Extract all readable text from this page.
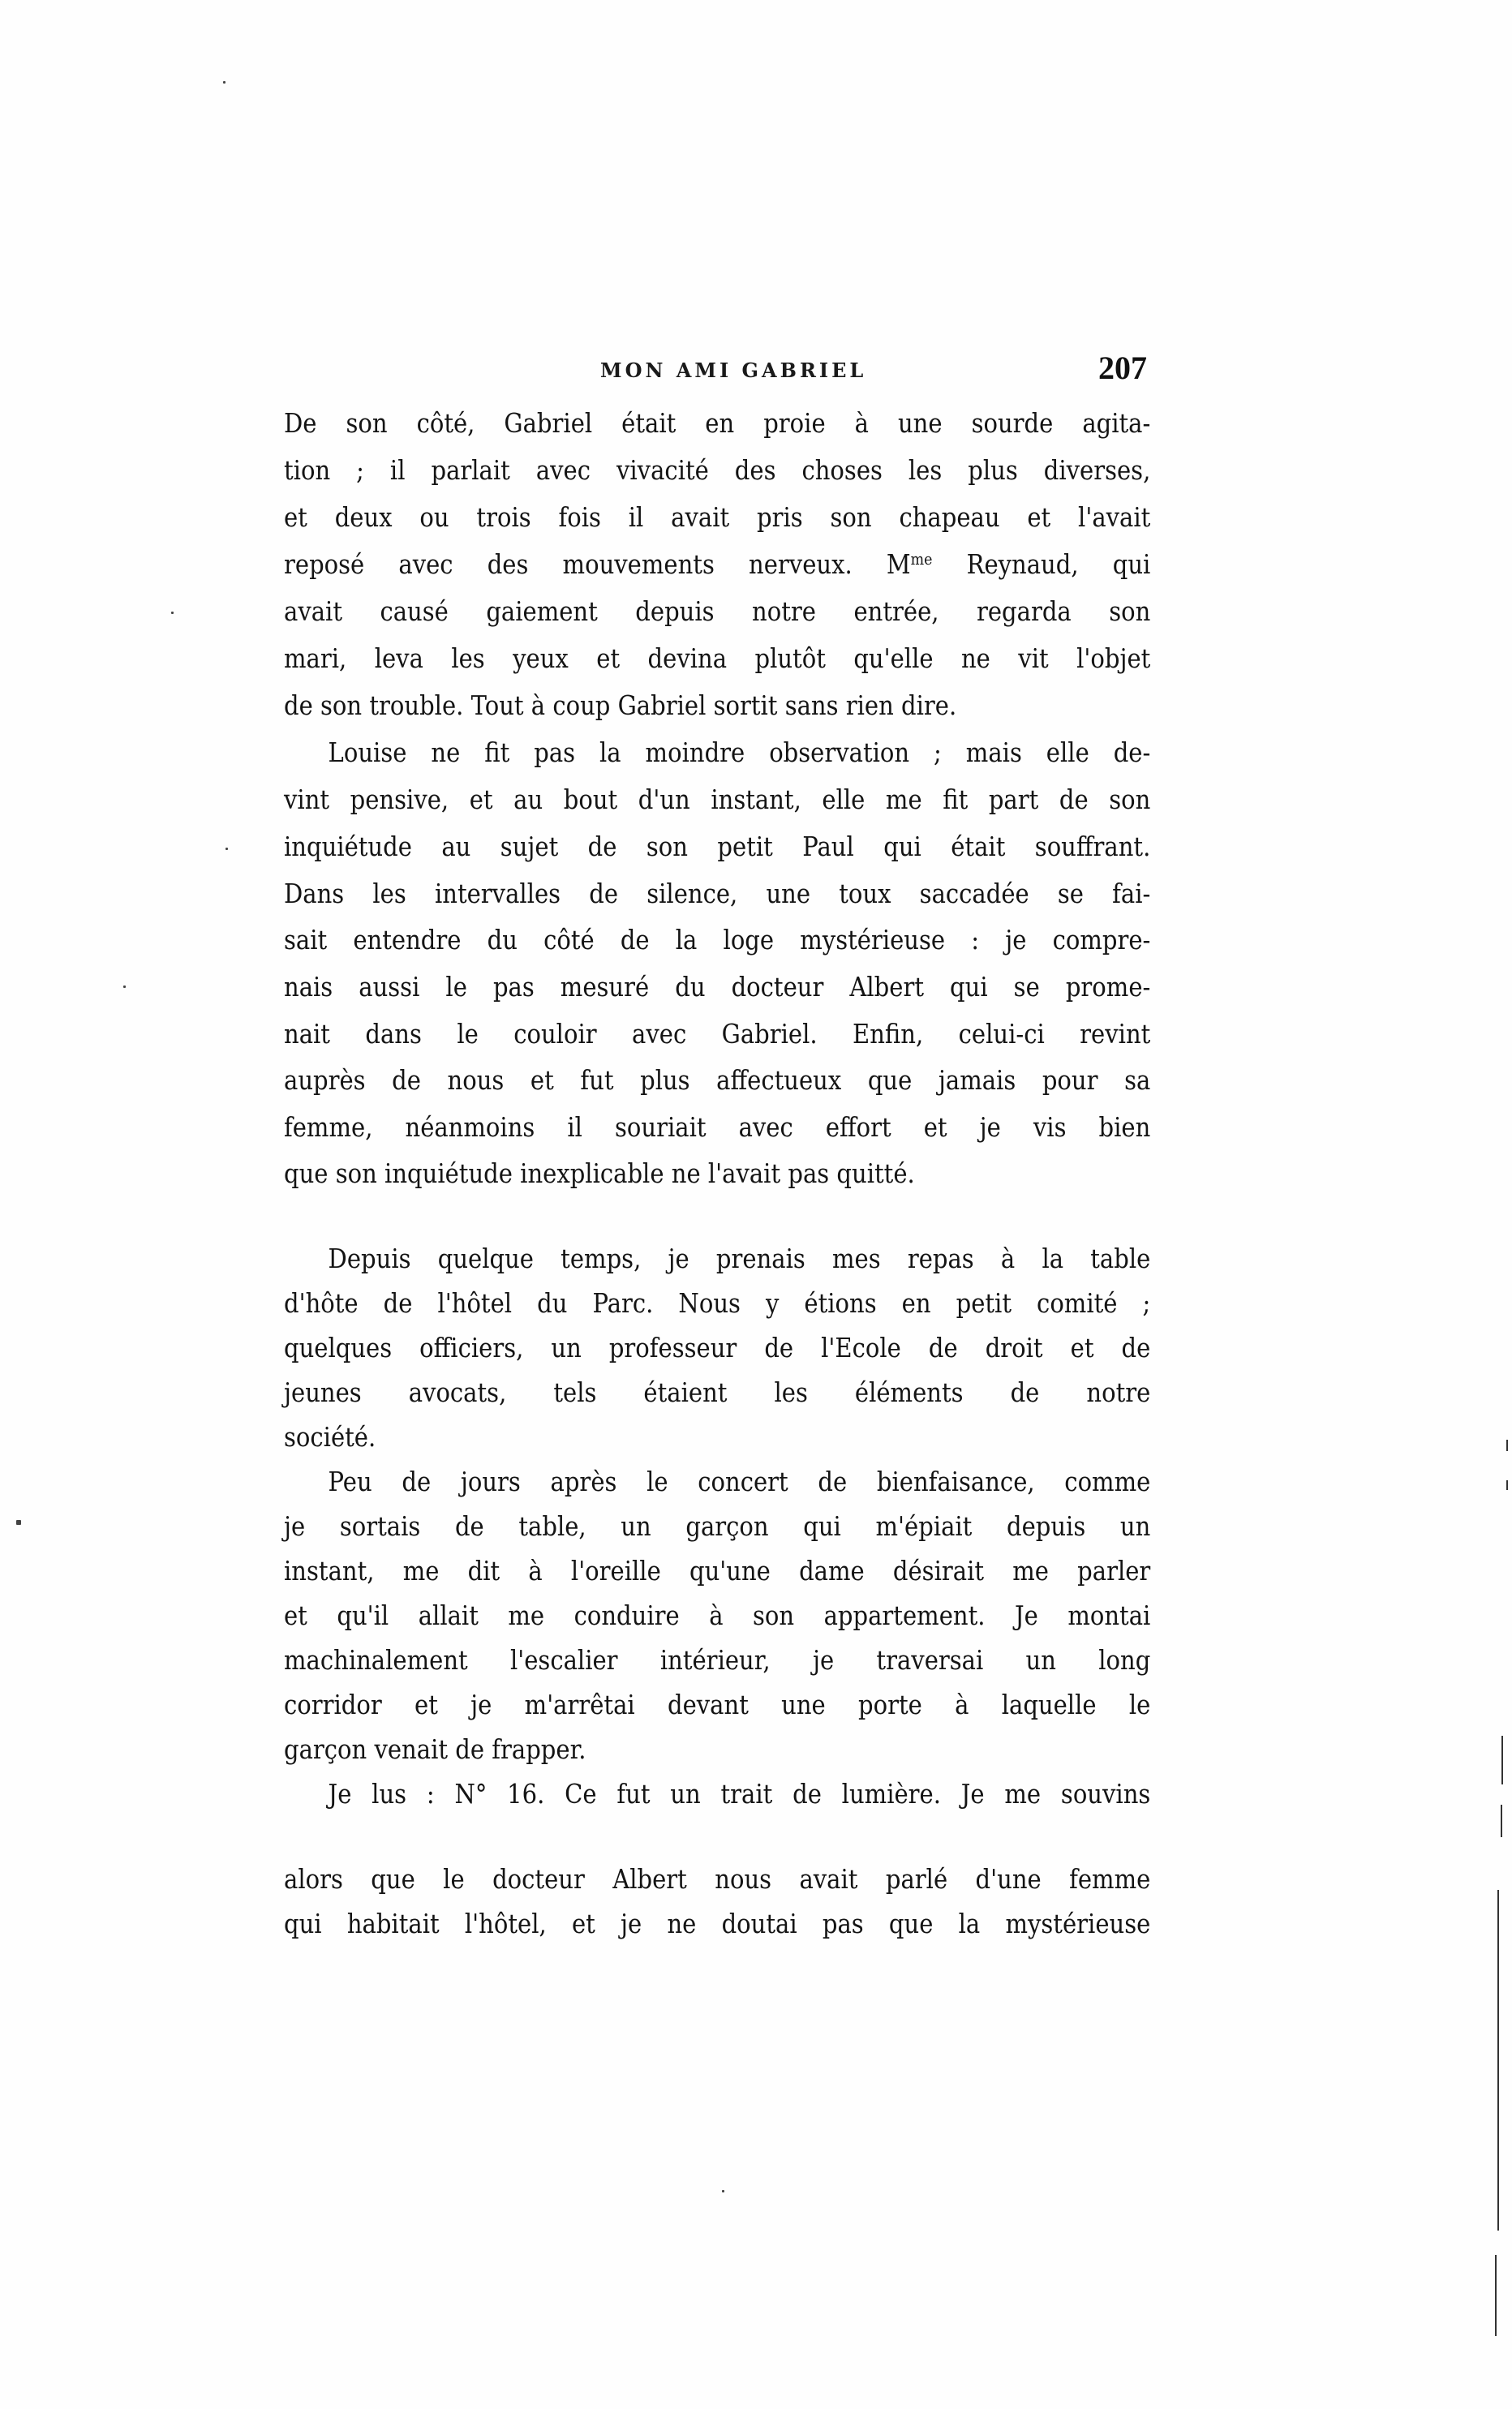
MON AMI GABRIEL	207
De son côté, Gabriel était en proie à une sourde agita-
tion ; il parlait avec vivacité des choses les plus diverses,
et deux ou trois fois il avait pris son chapeau et l'avait
reposé avec des mouvements nerveux. $M^{me}$ Reynaud, qui
avait causé gaiement depuis notre entrée, regarda son
mari, leva les yeux et devina plutôt qu'elle ne vit l'objet
de son trouble. Tout à coup Gabriel sortit sans rien dire.
Louise ne fit pas la moindre observation ; mais elle de-
vint pensive, et au bout d'un instant, elle me fit part de son
inquiétude au sujet de son petit Paul qui était souffrant.
Dans les intervalles de silence, une toux saccadée se fai-
sait entendre du côté de la loge mystérieuse : je compre-
nais aussi le pas mesuré du docteur Albert qui se prome-
nait dans le couloir avec Gabriel. Enfin, celui-ci revint
auprès de nous et fut plus affectueux que jamais pour sa
femme, néanmoins il souriait avec effort et je vis bien
que son inquiétude inexplicable ne l'avait pas quitté.
Depuis quelque temps, je prenais mes repas à la table
d'hôte de l'hôtel du Parc. Nous y étions en petit comité ;
quelques officiers, un professeur de l'Ecole de droit et de
jeunes avocats, tels étaient les éléments de notre
société.
Peu de jours après le concert de bienfaisance, comme
je sortais de table, un garçon qui m'épiait depuis un
instant, me dit à l'oreille qu'une dame désirait me parler
et qu'il allait me conduire à son appartement. Je montai
machinalement l'escalier intérieur, je traversai un long
corridor et je m'arrêtai devant une porte à laquelle le
garçon venait de frapper.
Je lus : N° 16. Ce fut un trait de lumière. Je me souvins
alors que le docteur Albert nous avait parlé d'une femme
qui habitait l'hôtel, et je ne doutai pas que la mystérieuse
